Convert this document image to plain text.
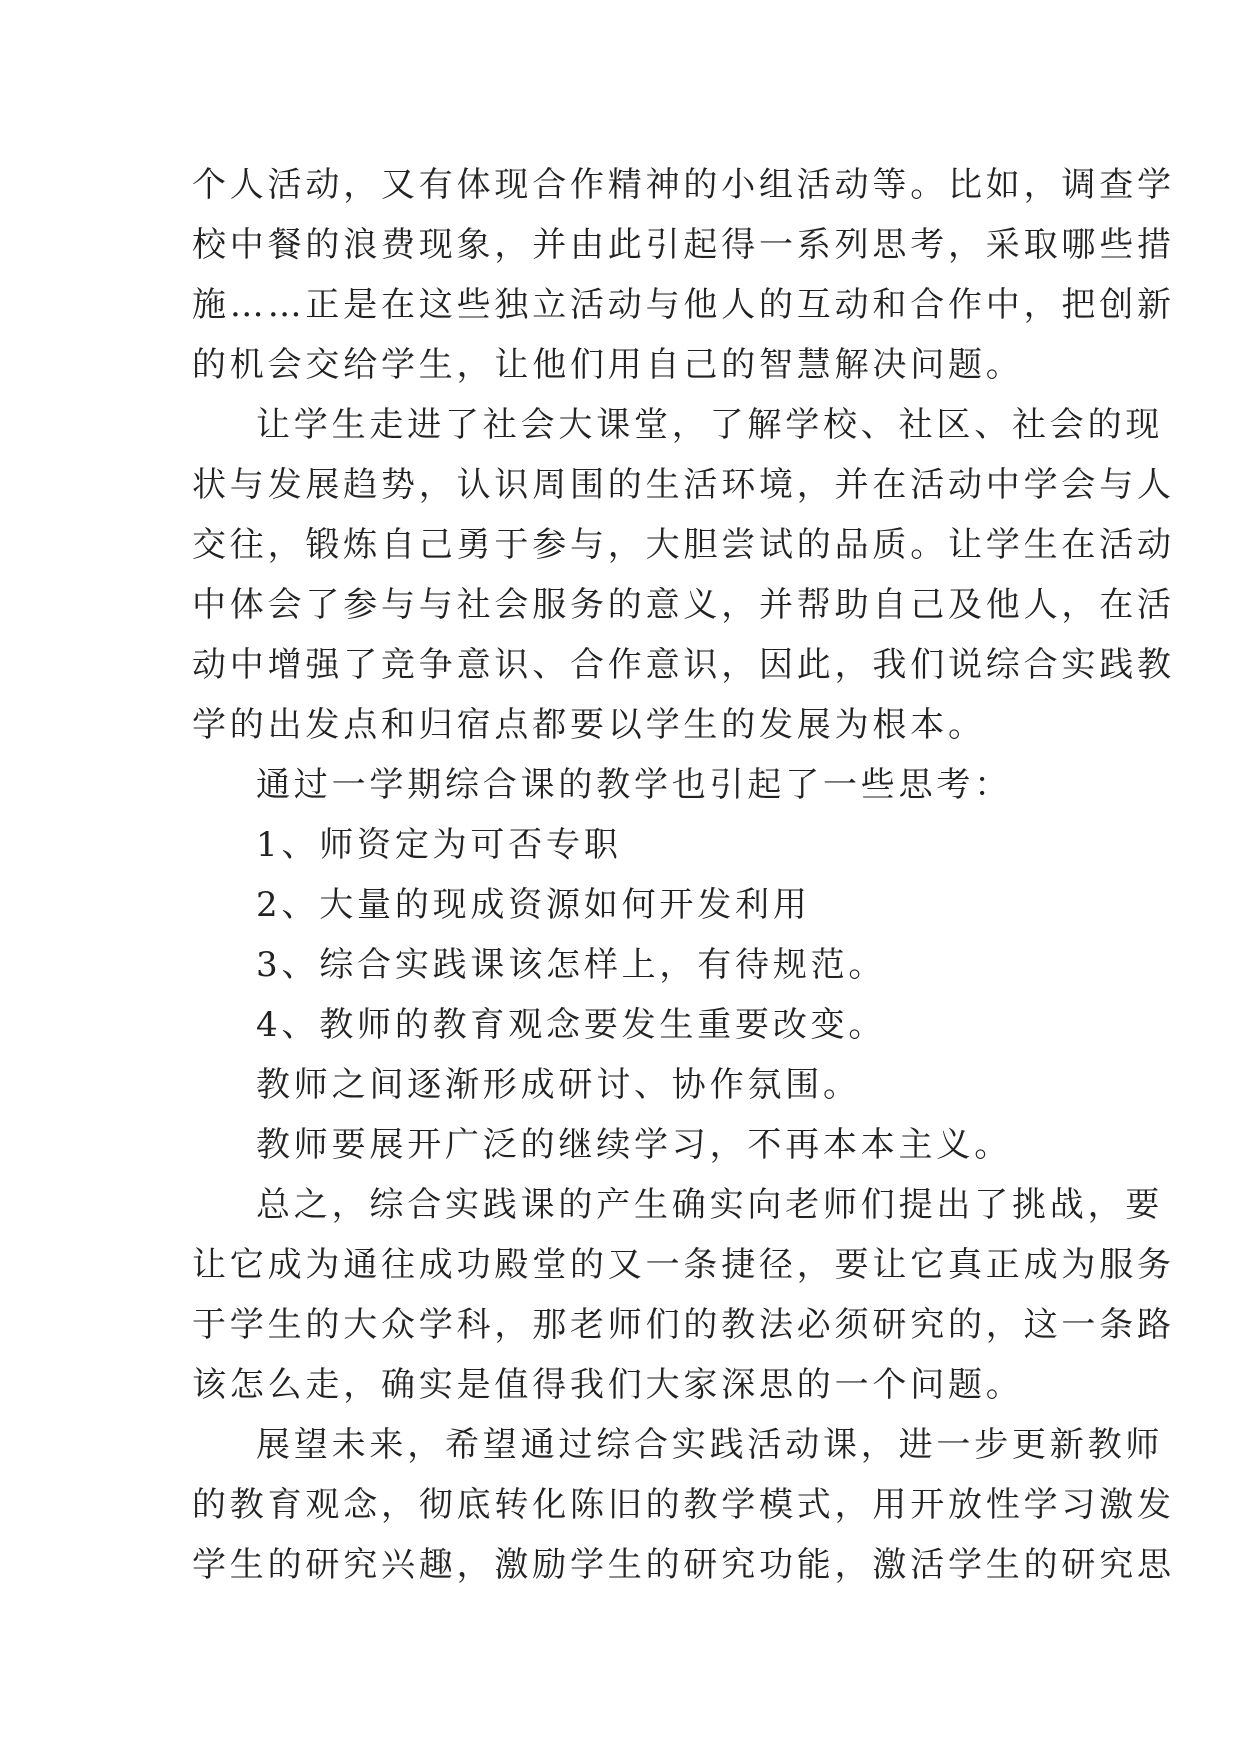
个人活动，又有体现合作精神的小组活动等。比如，调查学
校中餐的浪费现象，并由此引起得一系列思考，采取哪些措
施……正是在这些独立活动与他人的互动和合作中，把创新
的机会交给学生，让他们用自己的智慧解决问题。
让学生走进了社会大课堂，了解学校、社区、社会的现
状与发展趋势，认识周围的生活环境，并在活动中学会与人
交往，锻炼自己勇于参与，大胆尝试的品质。让学生在活动
中体会了参与与社会服务的意义，并帮助自己及他人，在活
动中增强了竞争意识、合作意识，因此，我们说综合实践教
学的出发点和归宿点都要以学生的发展为根本。
通过一学期综合课的教学也引起了一些思考：
1、师资定为可否专职
2、大量的现成资源如何开发利用
3、综合实践课该怎样上，有待规范。
4、教师的教育观念要发生重要改变。
教师之间逐渐形成研讨、协作氛围。
教师要展开广泛的继续学习，不再本本主义。
总之，综合实践课的产生确实向老师们提出了挑战，要
让它成为通往成功殿堂的又一条捷径，要让它真正成为服务
于学生的大众学科，那老师们的教法必须研究的，这一条路
该怎么走，确实是值得我们大家深思的一个问题。
展望未来，希望通过综合实践活动课，进一步更新教师
的教育观念，彻底转化陈旧的教学模式，用开放性学习激发
学生的研究兴趣，激励学生的研究功能，激活学生的研究思
